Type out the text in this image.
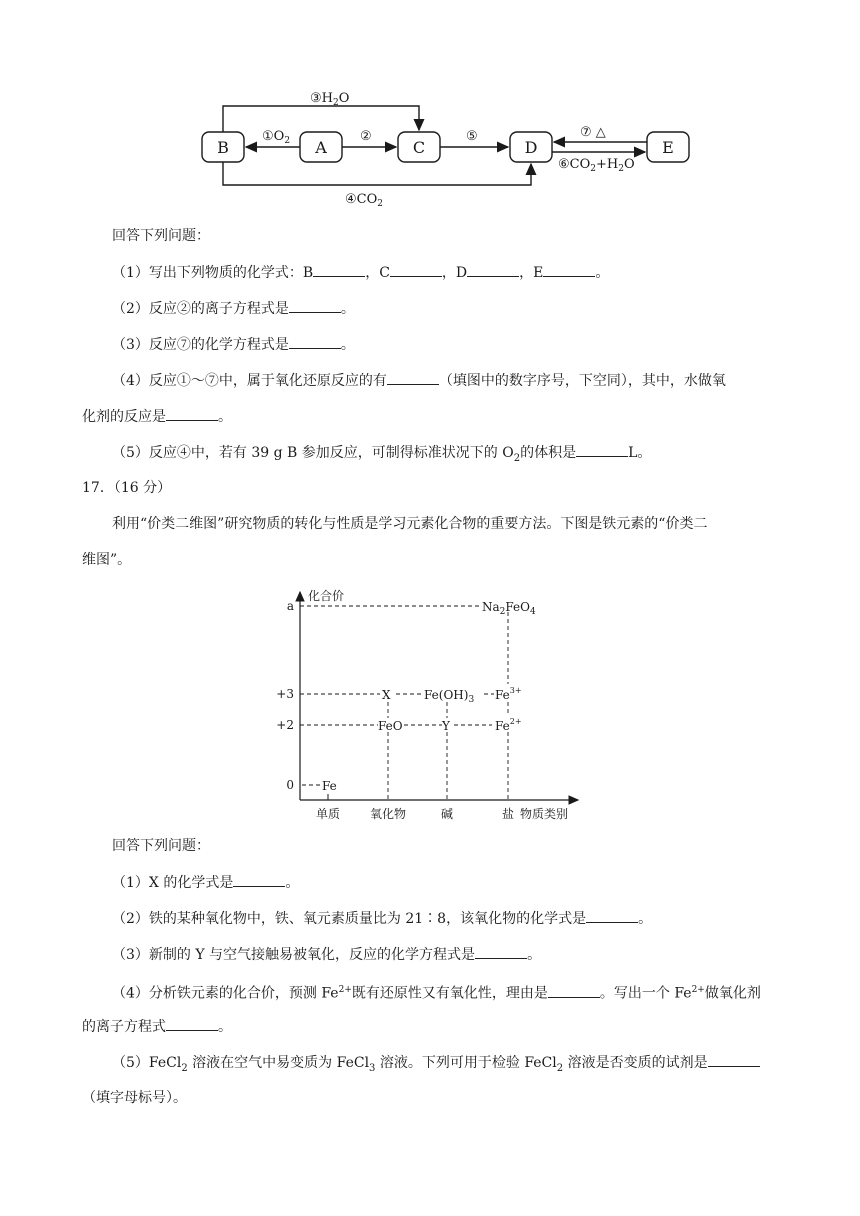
B	A	C	D	E
$①O_2$	②
$③H_2O$
$④CO_2$
⑤	⑦ △
$⑥CO_2+H_2O$
回答下列问题：
（1）写出下列物质的化学式：B	，C	，D	，E	。
（2）反应②的离子方程式是	。
（3）反应⑦的化学方程式是	。
（4）反应①～⑦中，属于氧化还原反应的有	（填图中的数字序号，下空同），其中，水做氧
化剂的反应是	。
（5）反应④中，若有 39 g B 参加反应，可制得标准状况下的 $O_2$的体积是	L。
17．（16 分）
利用“价类二维图”研究物质的转化与性质是学习元素化合物的重要方法。下图是铁元素的“价类二
维图”。
化合价
物质类别
a
+3
+2
0
单质 氧化物	碱	盐
Fe
FeO
X
Y
$Fe(OH)_3$ $Fe^{3+}$
$Fe^{2+}$
$Na_2FeO_4$
回答下列问题：
（1）X 的化学式是	。
（2）铁的某种氧化物中，铁、氧元素质量比为 21∶8，该氧化物的化学式是	。
（3）新制的 Y 与空气接触易被氧化，反应的化学方程式是	。
（4）分析铁元素的化合价，预测 $Fe^{2+}$既有还原性又有氧化性，理由是	。写出一个 $Fe^{2+}$做氧化剂
的离子方程式	。
（5）FeCl$_2$ 溶液在空气中易变质为 FeCl$_3$ 溶液。下列可用于检验 FeCl$_2$ 溶液是否变质的试剂是
（填字母标号）。
